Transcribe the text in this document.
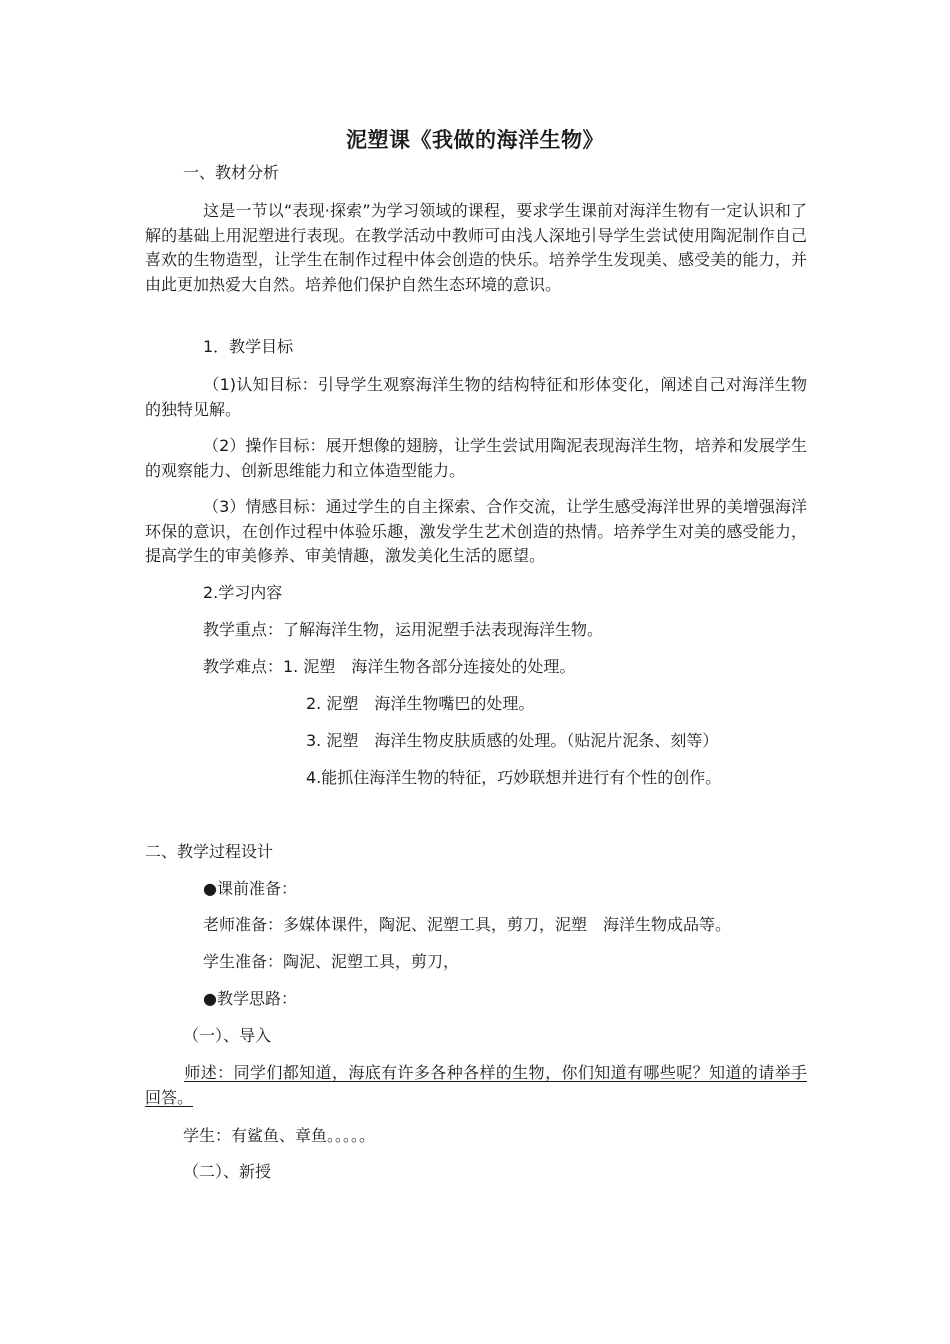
泥塑课《我做的海洋生物》
一、教材分析
这是一节以“表现·探索”为学习领域的课程，要求学生课前对海洋生物有一定认识和了解的基础上用泥塑进行表现。在教学活动中教师可由浅人深地引导学生尝试使用陶泥制作自己喜欢的生物造型，让学生在制作过程中体会创造的快乐。培养学生发现美、感受美的能力，并由此更加热爱大自然。培养他们保护自然生态环境的意识。
1．教学目标
（1)认知目标：引导学生观察海洋生物的结构特征和形体变化，阐述自己对海洋生物的独特见解。
（2）操作目标：展开想像的翅膀，让学生尝试用陶泥表现海洋生物，培养和发展学生的观察能力、创新思维能力和立体造型能力。
（3）情感目标：通过学生的自主探索、合作交流，让学生感受海洋世界的美增强海洋环保的意识，在创作过程中体验乐趣，激发学生艺术创造的热情。培养学生对美的感受能力，提高学生的审美修养、审美情趣，激发美化生活的愿望。
2.学习内容
教学重点：了解海洋生物，运用泥塑手法表现海洋生物。
教学难点：1. 泥塑　海洋生物各部分连接处的处理。
2. 泥塑　海洋生物嘴巴的处理。
3. 泥塑　海洋生物皮肤质感的处理。（贴泥片泥条、刻等）
4.能抓住海洋生物的特征，巧妙联想并进行有个性的创作。
二、教学过程设计
●课前准备：
老师准备：多媒体课件，陶泥、泥塑工具，剪刀，泥塑　海洋生物成品等。
学生准备：陶泥、泥塑工具，剪刀，
●教学思路：
（一）、导入
师述：同学们都知道，海底有许多各种各样的生物，你们知道有哪些呢？知道的请举手回答。
学生：有鲨鱼、章鱼。。。。。
（二）、新授
